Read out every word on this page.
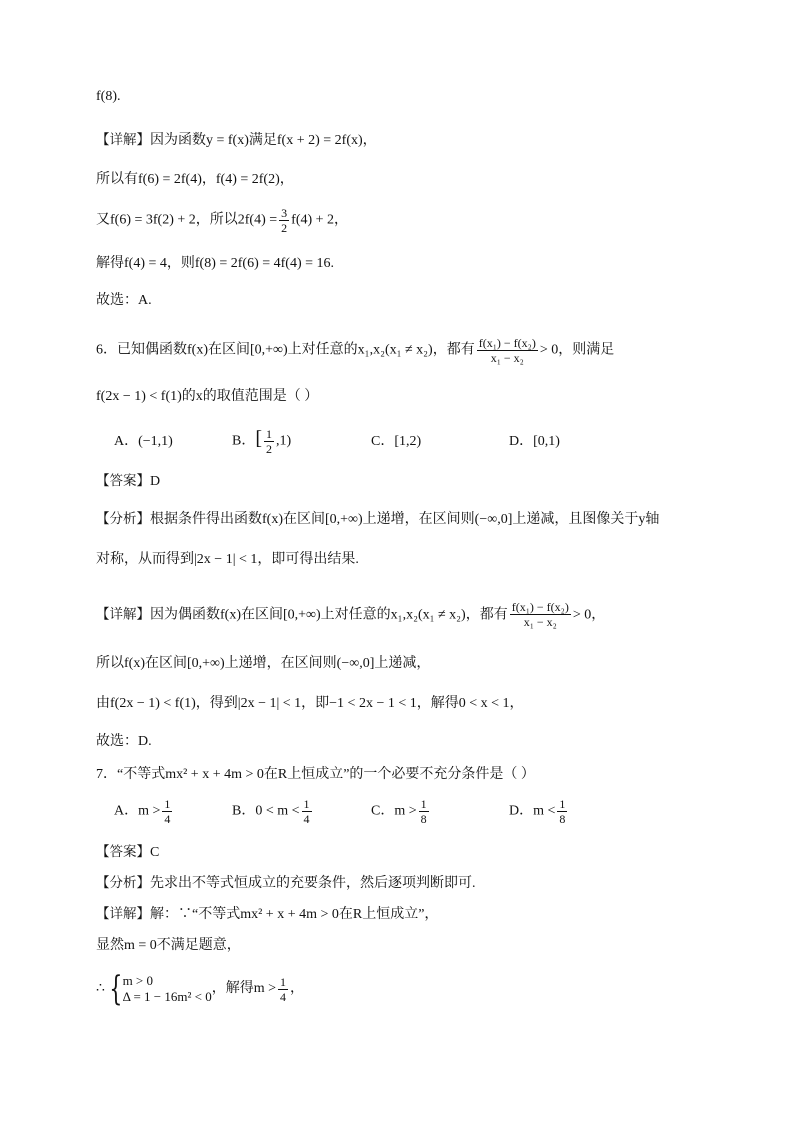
f(8).
【详解】因为函数y = f(x)满足f(x + 2) = 2f(x)，
所以有f(6) = 2f(4)，f(4) = 2f(2)，
又f(6) = 3f(2) + 2，所以$2f(4) = \frac{3}{2} f(4) + 2$，
解得f(4) = 4，则f(8) = 2f(6) = 4f(4) = 16.
故选：A.
6．已知偶函数f(x)在区间[0,+∞)上对任意的x₁,x₂(x₁ ≠ x₂)，都有 $\frac{\text{f(x₁) − f(x₂)}}{\text{x₁ − x₂}} > 0$，则满足
f(2x − 1) < f(1)的x的取值范围是（ ）
A．(−1,1)	B．[ $\frac{1}{2} ,1$)	C．[1,2)	D．[0,1)
【答案】D
【分析】根据条件得出函数f(x)在区间[0,+∞)上递增，在区间则(−∞,0]上递减，且图像关于y轴
对称，从而得到|2x − 1| < 1，即可得出结果.
【详解】因为偶函数f(x)在区间[0,+∞)上对任意的x₁,x₂(x₁ ≠ x₂)，都有 $\frac{\text{f(x₁) − f(x₂)}}{\text{x₁ − x₂}} > 0$，
所以f(x)在区间[0,+∞)上递增，在区间则(−∞,0]上递减，
由f(2x − 1) < f(1)，得到|2x − 1| < 1，即−1 < 2x − 1 < 1，解得0 < x < 1，
故选：D.
7．“不等式mx² + x + 4m > 0在R上恒成立”的一个必要不充分条件是（ ）
A．$m > \frac{1}{4}$	B．$0 < m < \frac{1}{4}$	C．$m > \frac{1}{8}$	D．$m < \frac{1}{8}$
【答案】C
【分析】先求出不等式恒成立的充要条件，然后逐项判断即可.
【详解】解：∵“不等式mx² + x + 4m > 0在R上恒成立”，
显然m = 0不满足题意，
∴ { m > 0
Δ = 1 − 16m² < 0
，解得$m > \frac{1}{4}$ ，
